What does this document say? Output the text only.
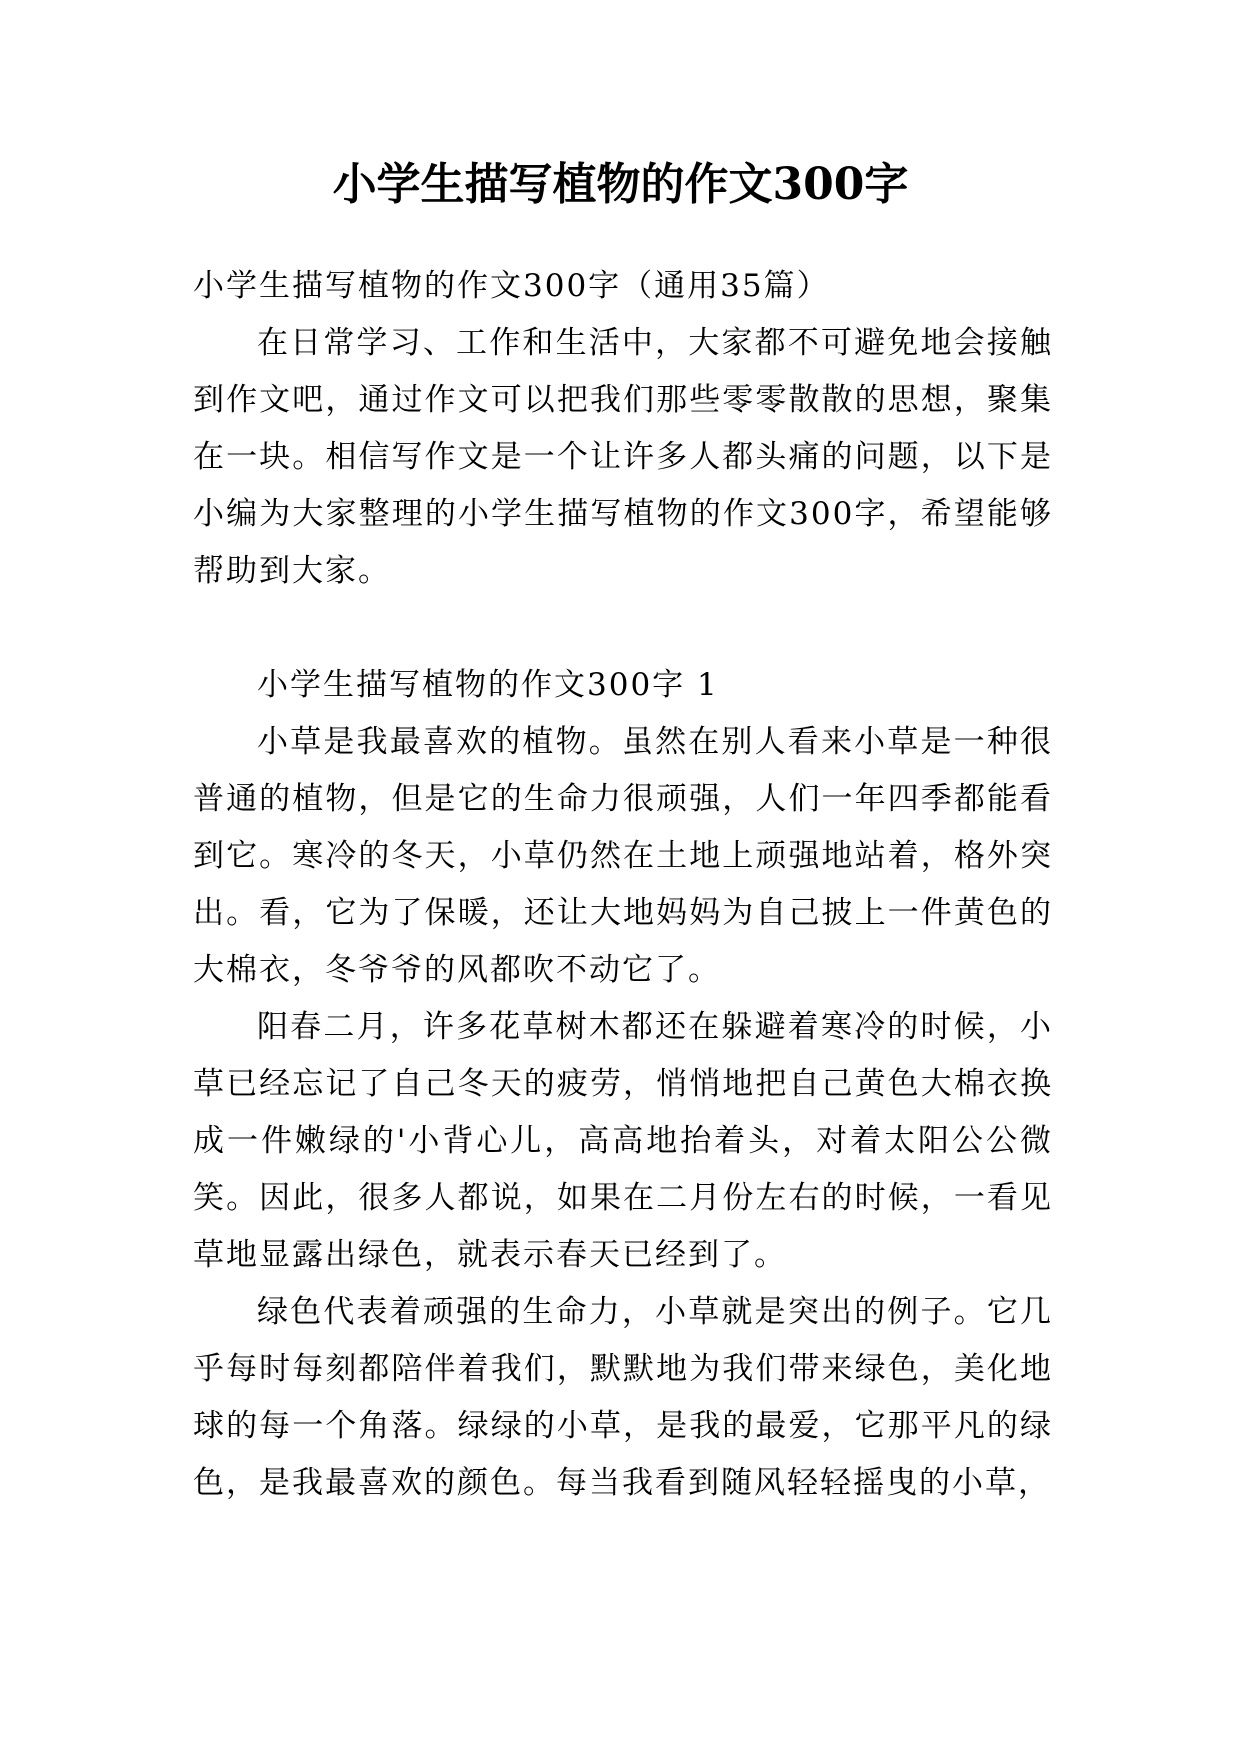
小学生描写植物的作文300字

小学生描写植物的作文300字（通用35篇）

在日常学习、工作和生活中，大家都不可避免地会接触到作文吧，通过作文可以把我们那些零零散散的思想，聚集在一块。相信写作文是一个让许多人都头痛的问题，以下是小编为大家整理的小学生描写植物的作文300字，希望能够帮助到大家。

小学生描写植物的作文300字 1

小草是我最喜欢的植物。虽然在别人看来小草是一种很普通的植物，但是它的生命力很顽强，人们一年四季都能看到它。寒冷的冬天，小草仍然在土地上顽强地站着，格外突出。看，它为了保暖，还让大地妈妈为自己披上一件黄色的大棉衣，冬爷爷的风都吹不动它了。

阳春二月，许多花草树木都还在躲避着寒冷的时候，小草已经忘记了自己冬天的疲劳，悄悄地把自己黄色大棉衣换成一件嫩绿的'小背心儿，高高地抬着头，对着太阳公公微笑。因此，很多人都说，如果在二月份左右的时候，一看见草地显露出绿色，就表示春天已经到了。

绿色代表着顽强的生命力，小草就是突出的例子。它几乎每时每刻都陪伴着我们，默默地为我们带来绿色，美化地球的每一个角落。绿绿的小草，是我的最爱，它那平凡的绿色，是我最喜欢的颜色。每当我看到随风轻轻摇曳的小草，
